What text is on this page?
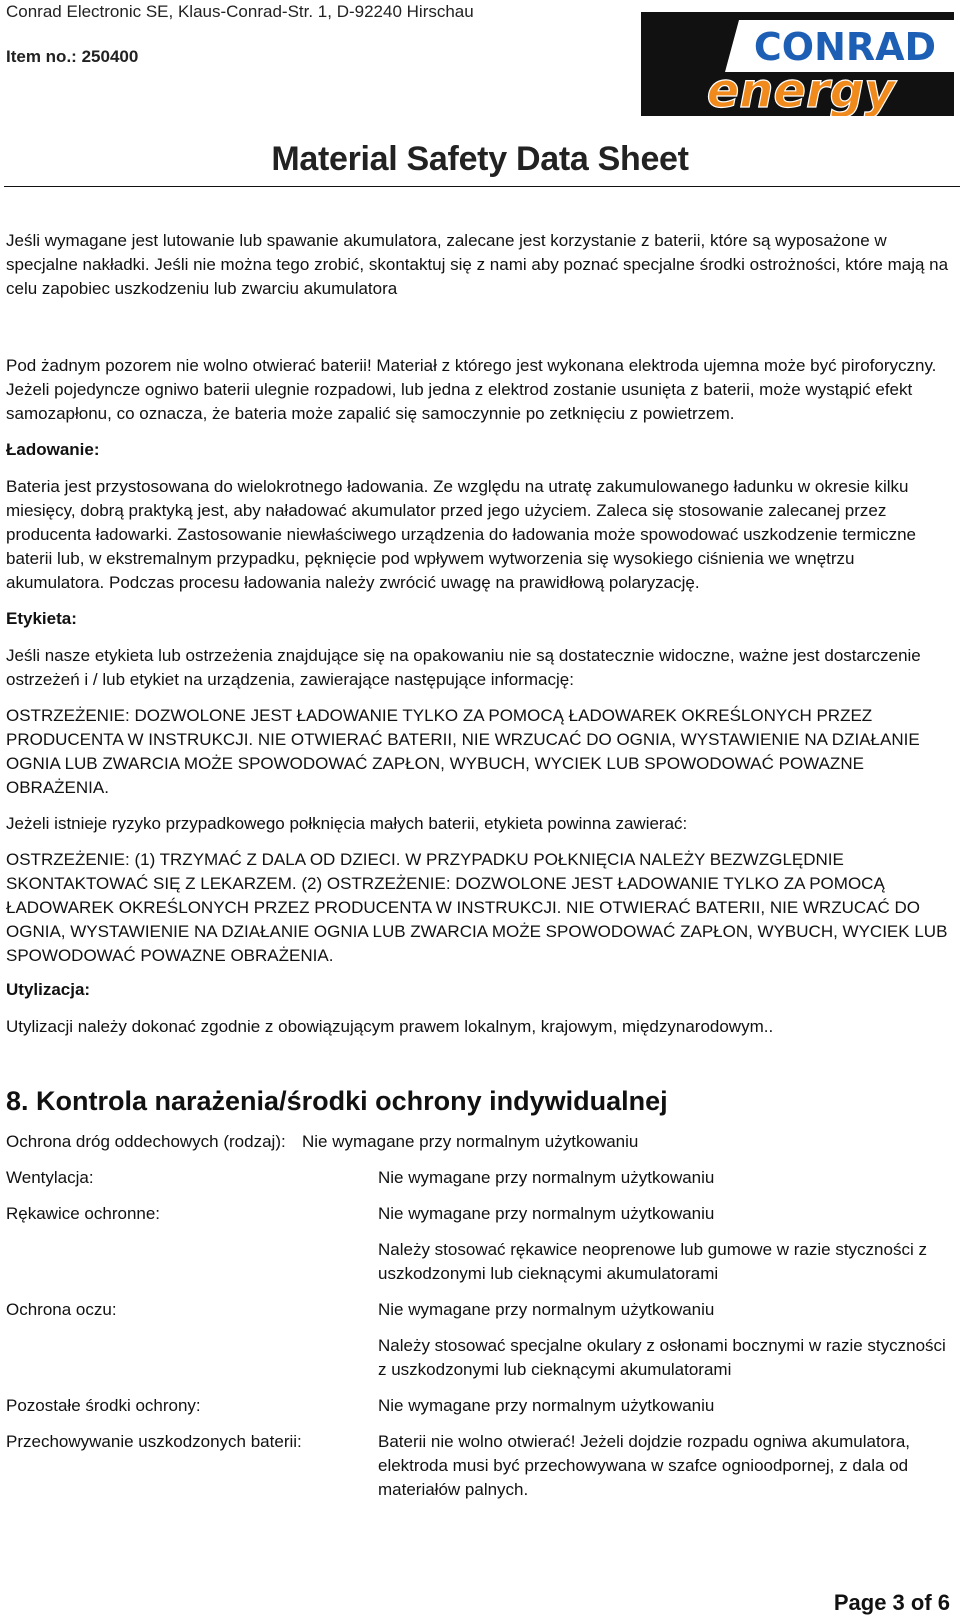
Conrad Electronic SE, Klaus-Conrad-Str. 1, D-92240 Hirschau
Item no.: 250400	CONRAD
energy
Material Safety Data Sheet
Jeśli wymagane jest lutowanie lub spawanie akumulatora, zalecane jest korzystanie z baterii, które są wyposażone w specjalne nakładki. Jeśli nie można tego zrobić, skontaktuj się z nami aby poznać specjalne środki ostrożności, które mają na celu zapobiec uszkodzeniu lub zwarciu akumulatora
Pod żadnym pozorem nie wolno otwierać baterii! Materiał z którego jest wykonana elektroda ujemna może być piroforyczny. Jeżeli pojedyncze ogniwo baterii ulegnie rozpadowi, lub jedna z elektrod zostanie usunięta z baterii, może wystąpić efekt samozapłonu, co oznacza, że bateria może zapalić się samoczynnie po zetknięciu z powietrzem.
Ładowanie:
Bateria jest przystosowana do wielokrotnego ładowania. Ze względu na utratę zakumulowanego ładunku w okresie kilku miesięcy, dobrą praktyką jest, aby naładować akumulator przed jego użyciem. Zaleca się stosowanie zalecanej przez producenta ładowarki. Zastosowanie niewłaściwego urządzenia do ładowania może spowodować uszkodzenie termiczne baterii lub, w ekstremalnym przypadku, pęknięcie pod wpływem wytworzenia się wysokiego ciśnienia we wnętrzu akumulatora. Podczas procesu ładowania należy zwrócić uwagę na prawidłową polaryzację.
Etykieta:
Jeśli nasze etykieta lub ostrzeżenia znajdujące się na opakowaniu nie są dostatecznie widoczne, ważne jest dostarczenie ostrzeżeń i / lub etykiet na urządzenia, zawierające następujące informację:
OSTRZEŻENIE: DOZWOLONE JEST ŁADOWANIE TYLKO ZA POMOCĄ ŁADOWAREK OKREŚLONYCH PRZEZ PRODUCENTA W INSTRUKCJI. NIE OTWIERAĆ BATERII, NIE WRZUCAĆ DO OGNIA, WYSTAWIENIE NA DZIAŁANIE OGNIA LUB ZWARCIA MOŻE SPOWODOWAĆ ZAPŁON, WYBUCH, WYCIEK LUB SPOWODOWAĆ POWAZNE OBRAŻENIA.
Jeżeli istnieje ryzyko przypadkowego połknięcia małych baterii, etykieta powinna zawierać:
OSTRZEŻENIE: (1) TRZYMAĆ Z DALA OD DZIECI. W PRZYPADKU POŁKNIĘCIA NALEŻY BEZWZGLĘDNIE SKONTAKTOWAĆ SIĘ Z LEKARZEM. (2) OSTRZEŻENIE: DOZWOLONE JEST ŁADOWANIE TYLKO ZA POMOCĄ ŁADOWAREK OKREŚLONYCH PRZEZ PRODUCENTA W INSTRUKCJI. NIE OTWIERAĆ BATERII, NIE WRZUCAĆ DO OGNIA, WYSTAWIENIE NA DZIAŁANIE OGNIA LUB ZWARCIA MOŻE SPOWODOWAĆ ZAPŁON, WYBUCH, WYCIEK LUB SPOWODOWAĆ POWAZNE OBRAŻENIA.
Utylizacja:
Utylizacji należy dokonać zgodnie z obowiązującym prawem lokalnym, krajowym, międzynarodowym..
8. Kontrola narażenia/środki ochrony indywidualnej
Ochrona dróg oddechowych (rodzaj): Nie wymagane przy normalnym użytkowaniu
Wentylacja:	Nie wymagane przy normalnym użytkowaniu
Rękawice ochronne:	Nie wymagane przy normalnym użytkowaniu
Należy stosować rękawice neoprenowe lub gumowe w razie styczności z uszkodzonymi lub cieknącymi akumulatorami
Ochrona oczu:	Nie wymagane przy normalnym użytkowaniu
Należy stosować specjalne okulary z osłonami bocznymi w razie styczności z uszkodzonymi lub cieknącymi akumulatorami
Pozostałe środki ochrony:	Nie wymagane przy normalnym użytkowaniu
Przechowywanie uszkodzonych baterii:	Baterii nie wolno otwierać! Jeżeli dojdzie rozpadu ogniwa akumulatora, elektroda musi być przechowywana w szafce ognioodpornej, z dala od materiałów palnych.
Page 3 of 6
